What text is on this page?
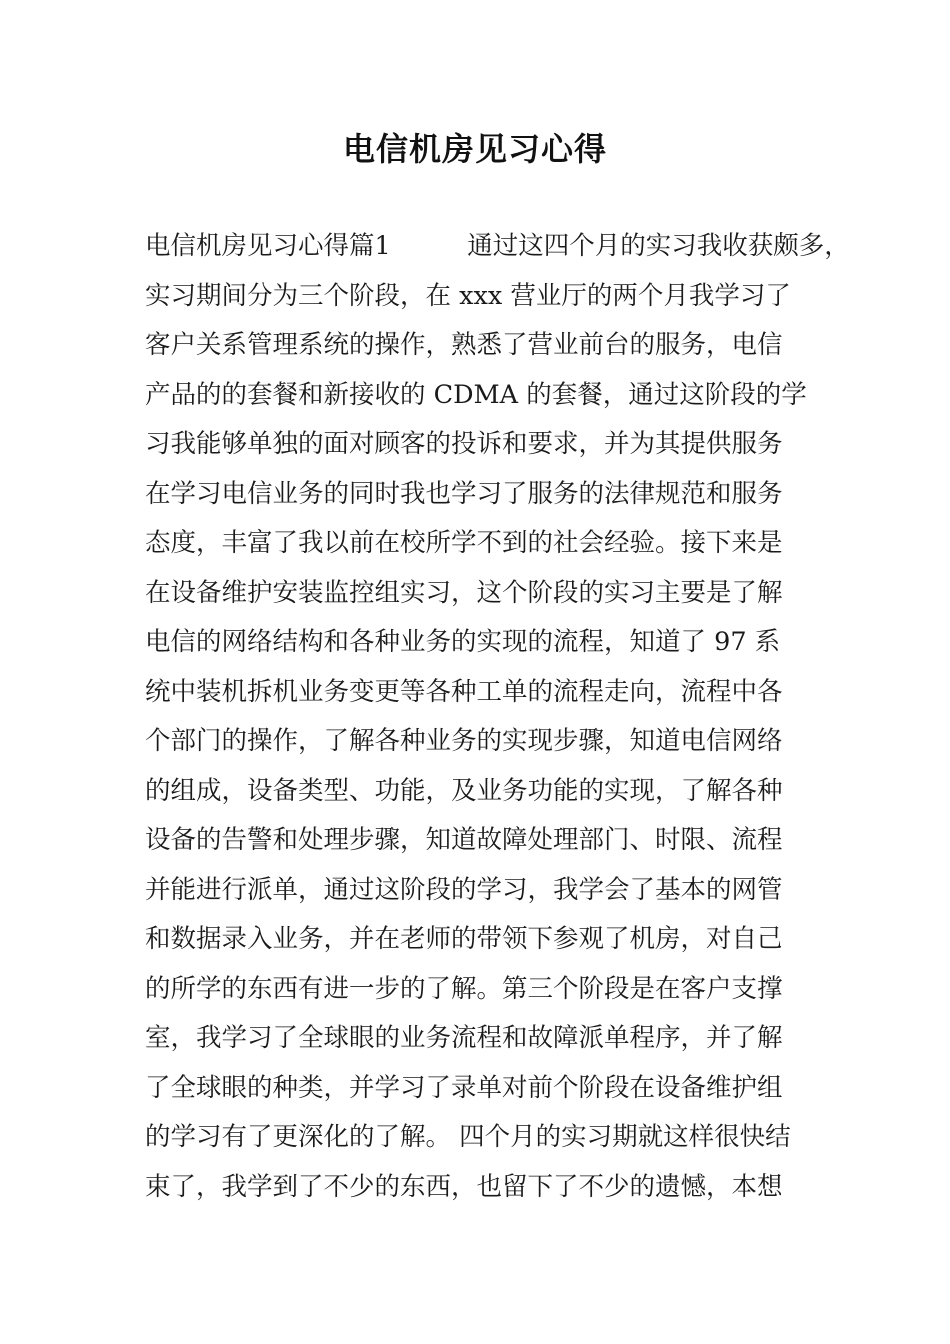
电信机房见习心得
电信机房见习心得篇1　　　通过这四个月的实习我收获颇多，
实习期间分为三个阶段，在 xxx 营业厅的两个月我学习了
客户关系管理系统的操作，熟悉了营业前台的服务，电信
产品的的套餐和新接收的 CDMA 的套餐，通过这阶段的学
习我能够单独的面对顾客的投诉和要求，并为其提供服务
在学习电信业务的同时我也学习了服务的法律规范和服务
态度，丰富了我以前在校所学不到的社会经验。接下来是
在设备维护安装监控组实习，这个阶段的实习主要是了解
电信的网络结构和各种业务的实现的流程，知道了 97 系
统中装机拆机业务变更等各种工单的流程走向，流程中各
个部门的操作，了解各种业务的实现步骤，知道电信网络
的组成，设备类型、功能，及业务功能的实现，了解各种
设备的告警和处理步骤，知道故障处理部门、时限、流程
并能进行派单，通过这阶段的学习，我学会了基本的网管
和数据录入业务，并在老师的带领下参观了机房，对自己
的所学的东西有进一步的了解。第三个阶段是在客户支撑
室，我学习了全球眼的业务流程和故障派单程序，并了解
了全球眼的种类，并学习了录单对前个阶段在设备维护组
的学习有了更深化的了解。 四个月的实习期就这样很快结
束了，我学到了不少的东西，也留下了不少的遗憾，本想
